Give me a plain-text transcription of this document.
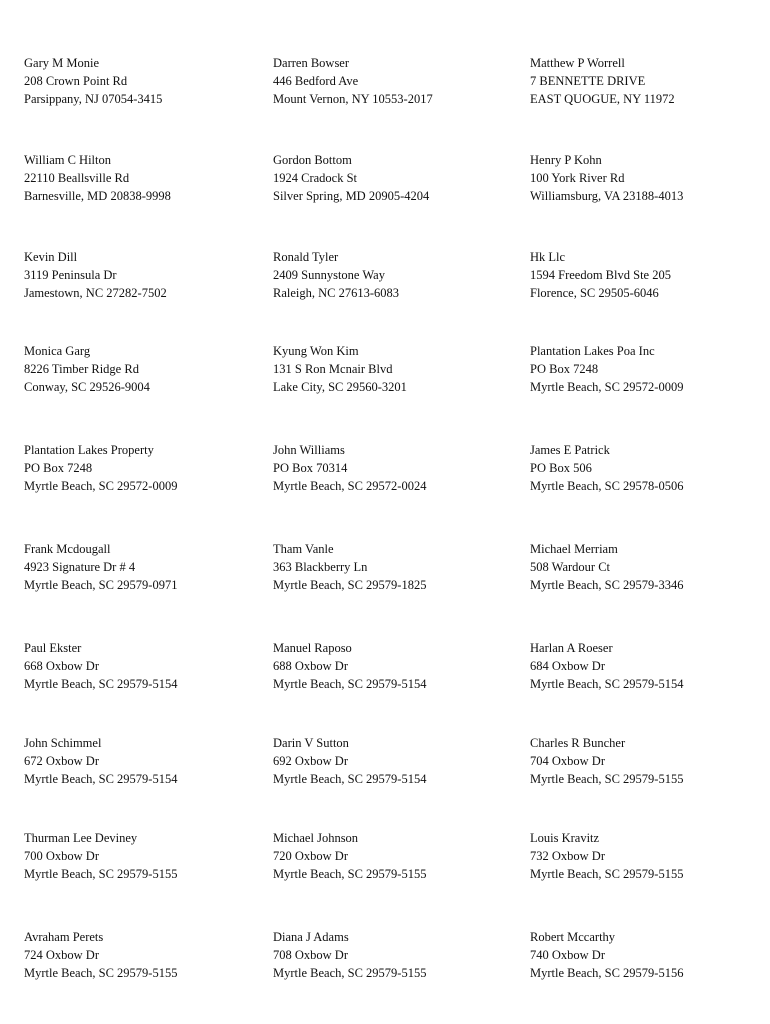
Gary M Monie
208 Crown Point Rd
Parsippany, NJ 07054-3415
Darren Bowser
446 Bedford Ave
Mount Vernon, NY 10553-2017
Matthew P Worrell
7 BENNETTE DRIVE
EAST QUOGUE, NY 11972
William C Hilton
22110 Beallsville Rd
Barnesville, MD 20838-9998
Gordon Bottom
1924 Cradock St
Silver Spring, MD 20905-4204
Henry P Kohn
100 York River Rd
Williamsburg, VA 23188-4013
Kevin Dill
3119 Peninsula Dr
Jamestown, NC 27282-7502
Ronald Tyler
2409 Sunnystone Way
Raleigh, NC 27613-6083
Hk Llc
1594 Freedom Blvd Ste 205
Florence, SC 29505-6046
Monica Garg
8226 Timber Ridge Rd
Conway, SC 29526-9004
Kyung Won Kim
131 S Ron Mcnair Blvd
Lake City, SC 29560-3201
Plantation Lakes Poa Inc
PO Box 7248
Myrtle Beach, SC 29572-0009
Plantation Lakes Property
PO Box 7248
Myrtle Beach, SC 29572-0009
John Williams
PO Box 70314
Myrtle Beach, SC 29572-0024
James E Patrick
PO Box 506
Myrtle Beach, SC 29578-0506
Frank Mcdougall
4923 Signature Dr # 4
Myrtle Beach, SC 29579-0971
Tham Vanle
363 Blackberry Ln
Myrtle Beach, SC 29579-1825
Michael Merriam
508 Wardour Ct
Myrtle Beach, SC 29579-3346
Paul Ekster
668 Oxbow Dr
Myrtle Beach, SC 29579-5154
Manuel Raposo
688 Oxbow Dr
Myrtle Beach, SC 29579-5154
Harlan A Roeser
684 Oxbow Dr
Myrtle Beach, SC 29579-5154
John Schimmel
672 Oxbow Dr
Myrtle Beach, SC 29579-5154
Darin V Sutton
692 Oxbow Dr
Myrtle Beach, SC 29579-5154
Charles R Buncher
704 Oxbow Dr
Myrtle Beach, SC 29579-5155
Thurman Lee Deviney
700 Oxbow Dr
Myrtle Beach, SC 29579-5155
Michael Johnson
720 Oxbow Dr
Myrtle Beach, SC 29579-5155
Louis Kravitz
732 Oxbow Dr
Myrtle Beach, SC 29579-5155
Avraham Perets
724 Oxbow Dr
Myrtle Beach, SC 29579-5155
Diana J Adams
708 Oxbow Dr
Myrtle Beach, SC 29579-5155
Robert Mccarthy
740 Oxbow Dr
Myrtle Beach, SC 29579-5156
